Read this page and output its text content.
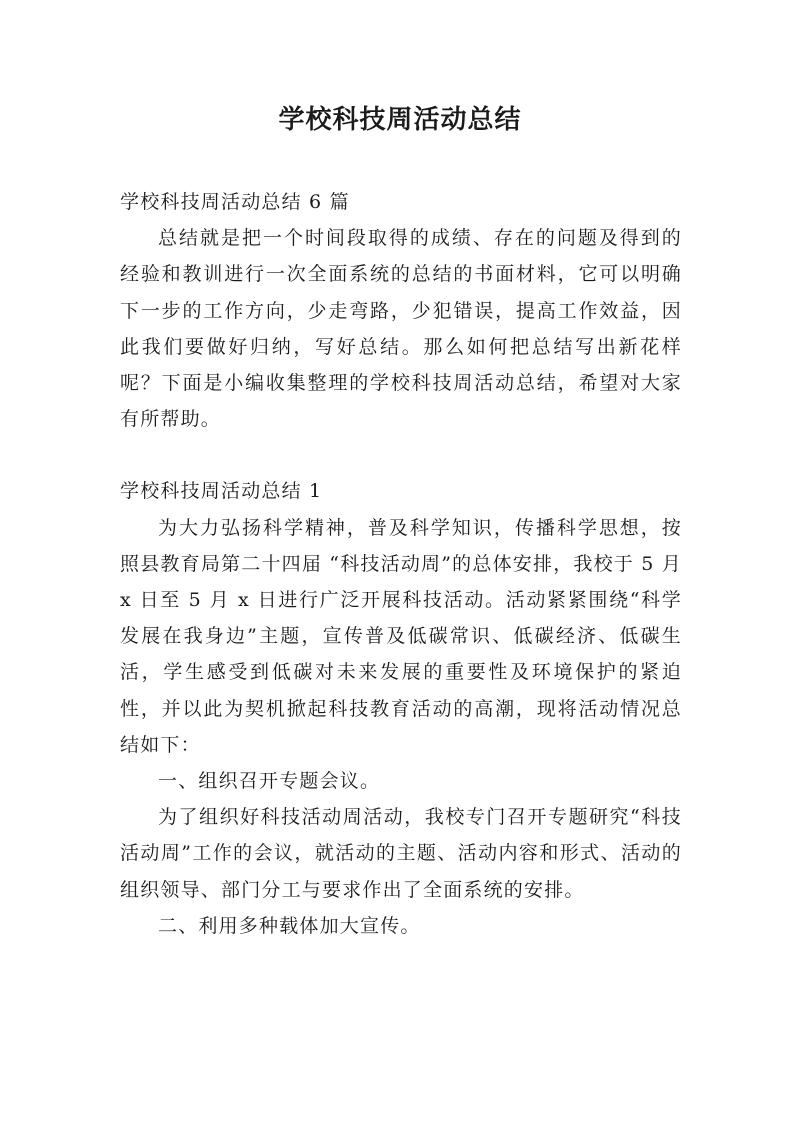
学校科技周活动总结

学校科技周活动总结 6 篇

总结就是把一个时间段取得的成绩、存在的问题及得到的经验和教训进行一次全面系统的总结的书面材料，它可以明确下一步的工作方向，少走弯路，少犯错误，提高工作效益，因此我们要做好归纳，写好总结。那么如何把总结写出新花样呢？下面是小编收集整理的学校科技周活动总结，希望对大家有所帮助。

学校科技周活动总结 1

为大力弘扬科学精神，普及科学知识，传播科学思想，按照县教育局第二十四届 “科技活动周”的总体安排，我校于 5 月 x 日至 5 月 x 日进行广泛开展科技活动。活动紧紧围绕“科学发展在我身边”主题，宣传普及低碳常识、低碳经济、低碳生活，学生感受到低碳对未来发展的重要性及环境保护的紧迫性，并以此为契机掀起科技教育活动的高潮，现将活动情况总结如下：

一、组织召开专题会议。

为了组织好科技活动周活动，我校专门召开专题研究“科技活动周”工作的会议，就活动的主题、活动内容和形式、活动的组织领导、部门分工与要求作出了全面系统的安排。

二、利用多种载体加大宣传。
